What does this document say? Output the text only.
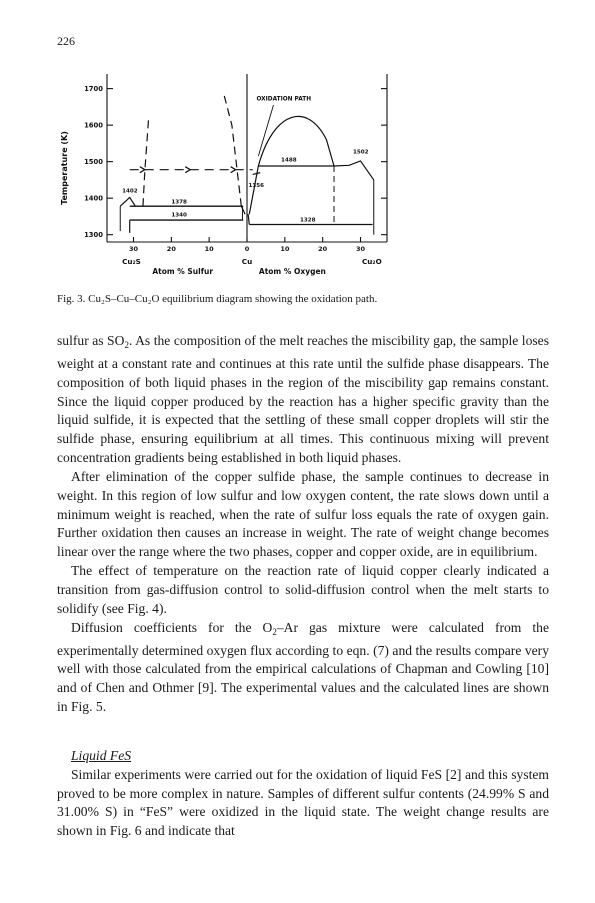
226
1700
1600
1500
1400
1300
30	20	10	0	10	20	30
Temperature (K)
Cu₂S	Cu	Cu₂O
Atom % Sulfur	Atom % Oxygen
OXIDATION PATH
1488
1502
1356
1402
1378
1340
1328
Fig. 3. Cu₂S–Cu–Cu₂O equilibrium diagram showing the oxidation path.

sulfur as $SO_2$. As the composition of the melt reaches the miscibility gap, the sample loses weight at a constant rate and continues at this rate until the sulfide phase disappears. The composition of both liquid phases in the region of the miscibility gap remains constant. Since the liquid copper produced by the reaction has a higher specific gravity than the liquid sulfide, it is expected that the settling of these small copper droplets will stir the sulfide phase, ensuring equilibrium at all times. This continuous mixing will prevent concentration gradients being established in both liquid phases.

After elimination of the copper sulfide phase, the sample continues to decrease in weight. In this region of low sulfur and low oxygen content, the rate slows down until a minimum weight is reached, when the rate of sulfur loss equals the rate of oxygen gain. Further oxidation then causes an increase in weight. The rate of weight change becomes linear over the range where the two phases, copper and copper oxide, are in equilibrium.

The effect of temperature on the reaction rate of liquid copper clearly indicated a transition from gas-diffusion control to solid-diffusion control when the melt starts to solidify (see Fig. 4).

Diffusion coefficients for the $O_2-Ar$ gas mixture were calculated from the experimentally determined oxygen flux according to eqn. (7) and the results compare very well with those calculated from the empirical calculations of Chapman and Cowling [10] and of Chen and Othmer [9]. The experimental values and the calculated lines are shown in Fig. 5.

Liquid FeS

Similar experiments were carried out for the oxidation of liquid FeS [2] and this system proved to be more complex in nature. Samples of different sulfur contents (24.99% S and 31.00% S) in “FeS” were oxidized in the liquid state. The weight change results are shown in Fig. 6 and indicate that
